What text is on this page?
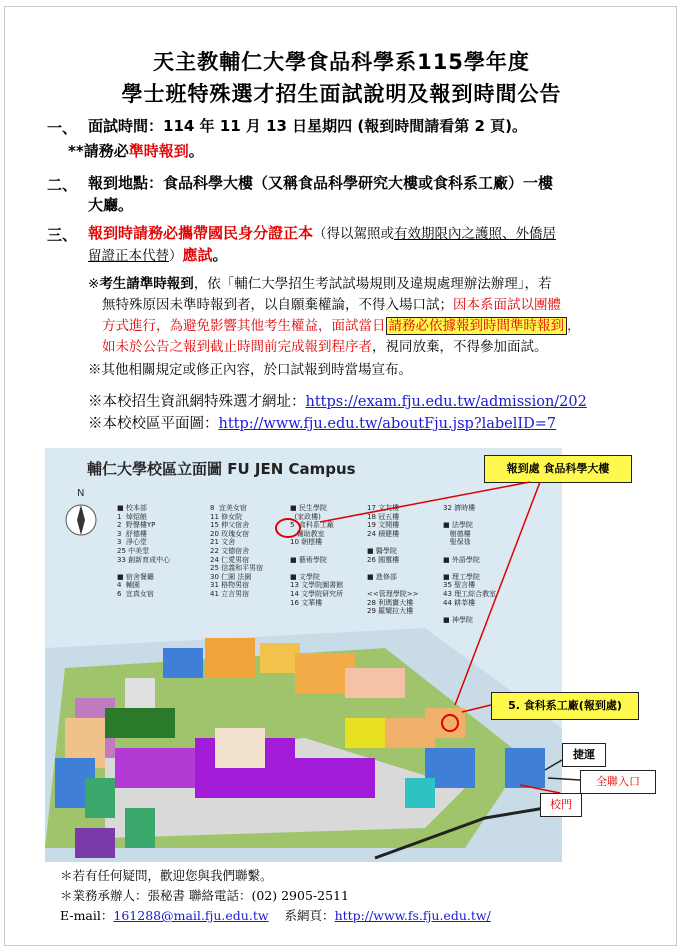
天主教輔仁大學食品科學系115學年度
學士班特殊選才招生面試說明及報到時間公告
一、 面試時間：114 年 11 月 13 日星期四 (報到時間請看第 2 頁)。
**請務必準時報到。
二、 報到地點：食品科學大樓（又稱食品科學研究大樓或食科系工廠）一樓
大廳。
三、 報到時請務必攜帶國民身分證正本（得以駕照或有效期限內之護照、外僑居
留證正本代替）應試。
※考生請準時報到，依「輔仁大學招生考試試場規則及違規處理辦法辦理」，若
無特殊原因未準時報到者，以自願棄權論，不得入場口試；因本系面試以團體
方式進行，為避免影響其他考生權益，面試當日 請務必依據報到時間準時報到 ，
如未於公告之報到截止時間前完成報到程序者，視同放棄，不得參加面試。
※其他相關規定或修正內容，於口試報到時當場宣布。
※本校招生資訊網特殊選才網址：https://exam.fju.edu.tw/admission/202
※本校校區平面圖：http://www.fju.edu.tw/aboutFju.jsp?labelID=7
輔仁大學校區立面圖 FU JEN Campus
N
■ 校本部
1  焯炤館
2  野聲樓YP
3  舒德樓
3  淨心堂
25 中美堂
33 創新育成中心

■ 宿舍餐廳
4  輔園
6  宜真女宿
8  宜美女宿
11 修女院
15 伸父宿舍
20 玫瑰女宿
21 文舍
22 文德宿舍
24 仁愛男宿
25 信義和平男宿
30 仁園 法園
31 格物男宿
41 立言男宿
■ 民生學院
(家政樓)
5  食科系工廠
輔助教室
10 朝橒樓

■ 藝術學院

■ 文學院
13 文學院圖書館
14 文學院研究所
16 文華樓
17 文友樓
18 冠五樓
19 文開樓
24 積健樓

■ 醫學院
26 國璽樓

■ 進修部

<<管理學院>>
28 利瑪竇大樓
29 羅耀拉大樓
32 濟時樓

■ 法學院
樹德樓
聖保祿

■ 外語學院

■ 理工學院
35 聖言樓
43 理工綜合教室
44 耕莘樓

■ 神學院
報到處 食品科學大樓
5. 食科系工廠(報到處)
捷運
全聯入口
校門
＊若有任何疑問，歡迎您與我們聯繫。
＊業務承辦人：張秘書 聯絡電話：(02) 2905-2511
E-mail：161288@mail.fju.edu.tw 系網頁：http://www.fs.fju.edu.tw/
